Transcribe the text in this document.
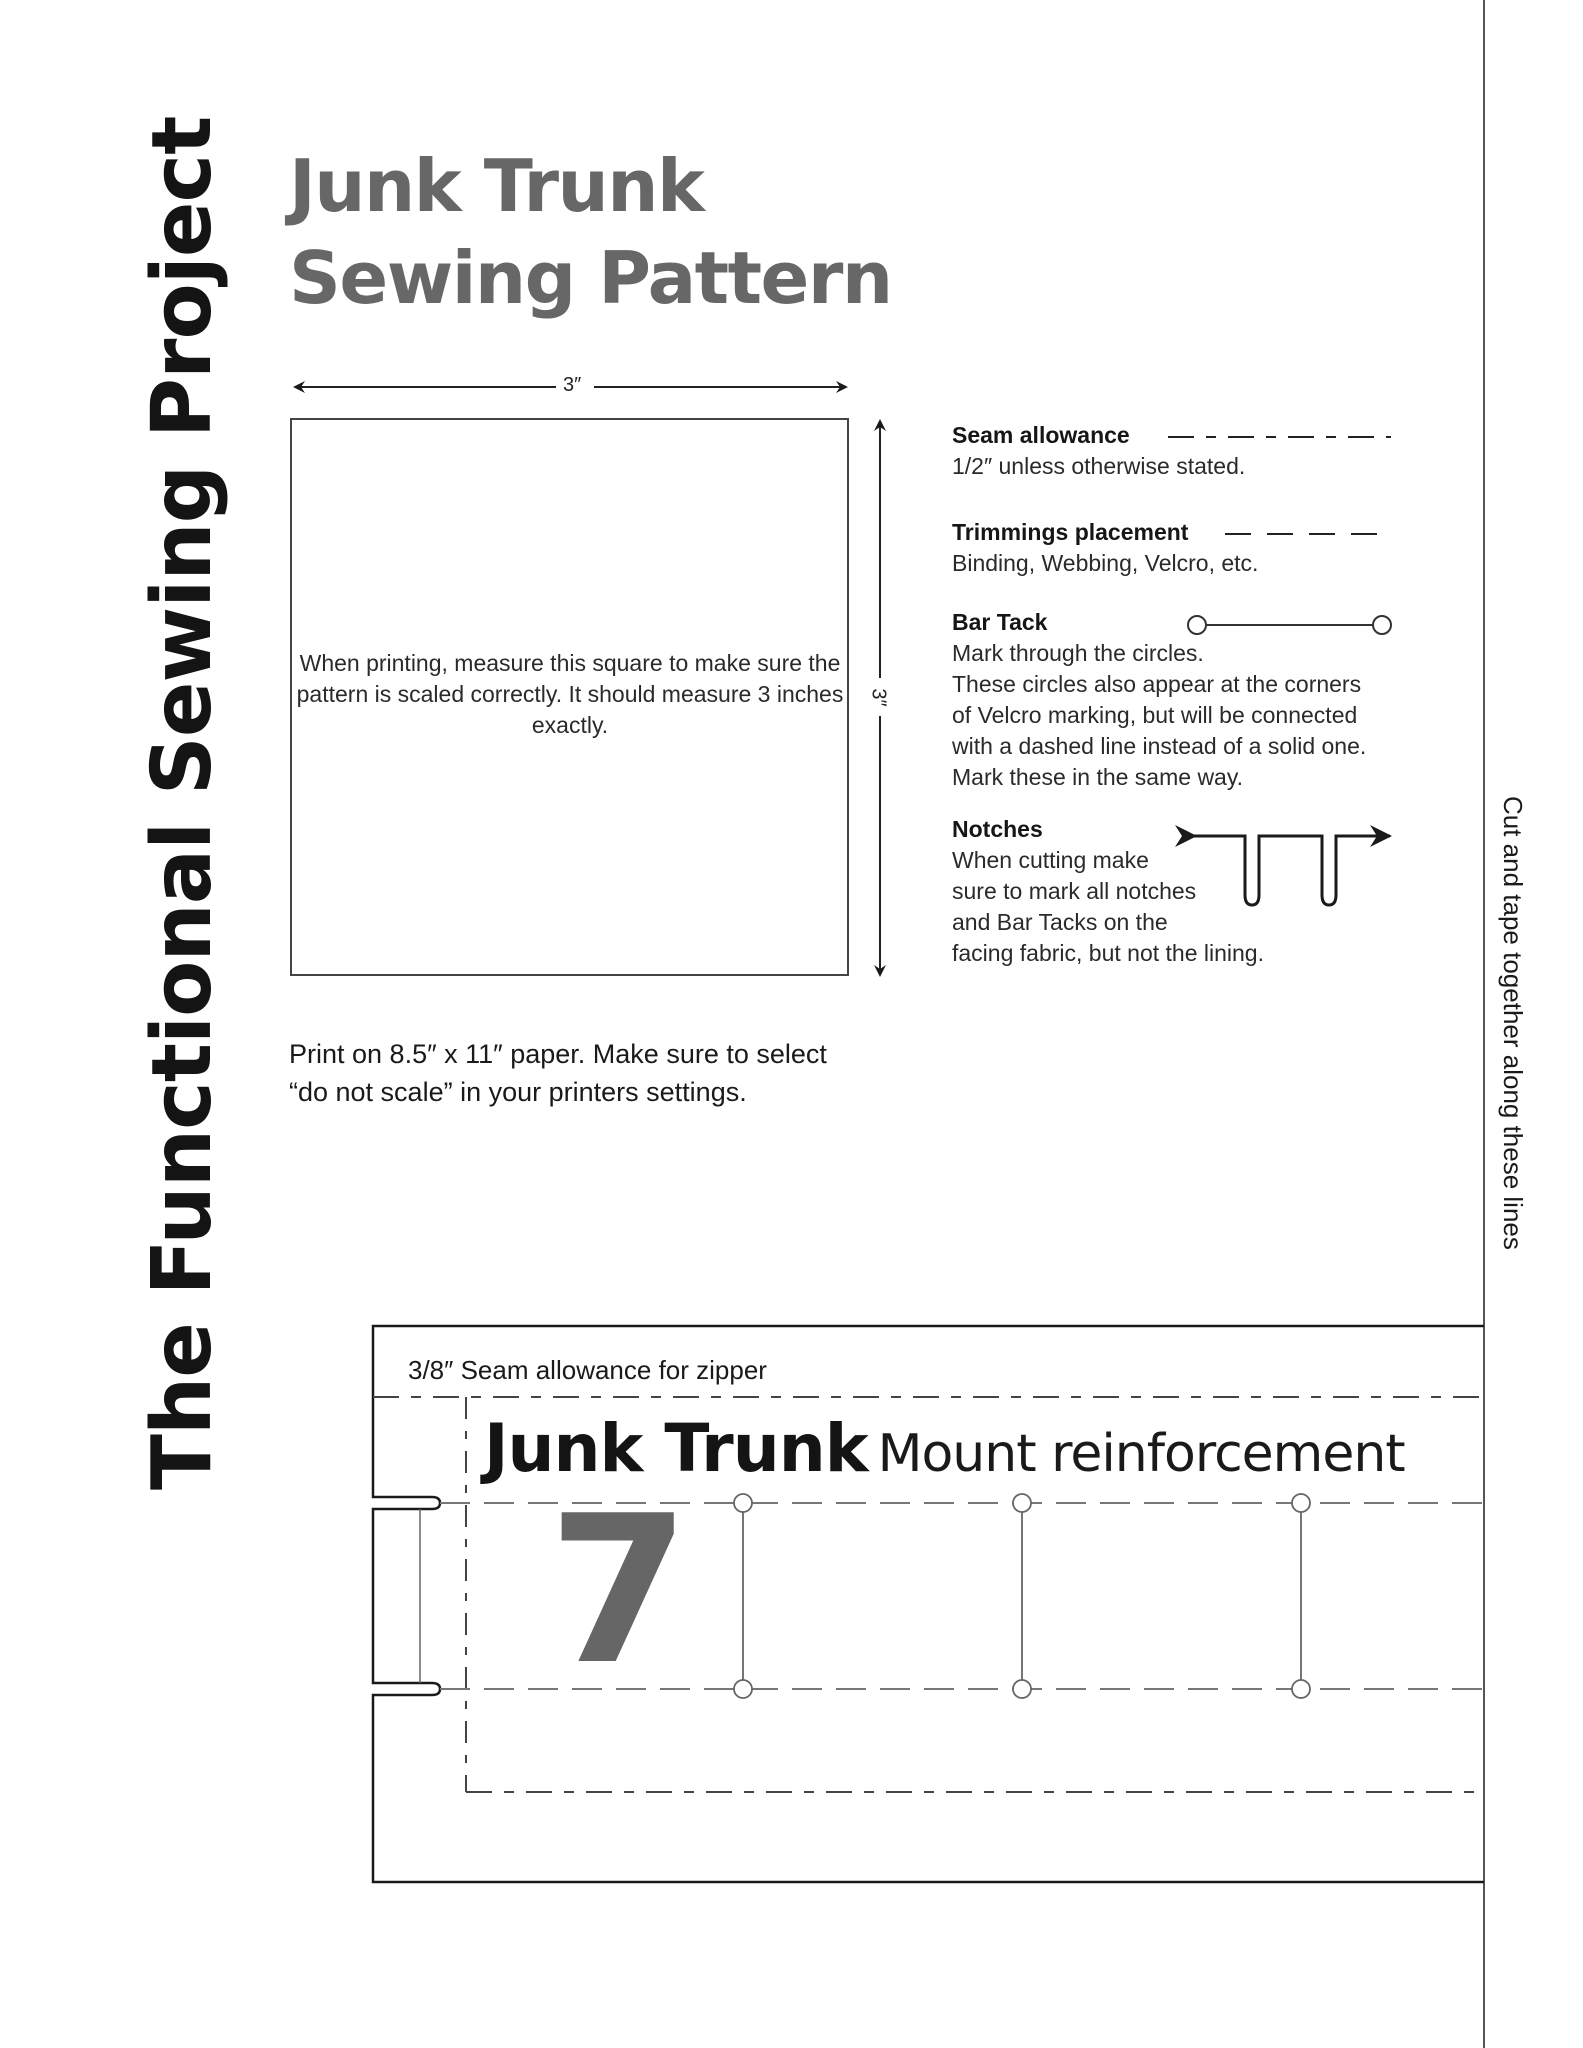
The Functional Sewing Project Junk Trunk
Sewing Pattern
3″
3″
When printing, measure this square to make sure the pattern is scaled correctly. It should measure 3 inches exactly.
Print on 8.5″ x 11″ paper. Make sure to select
“do not scale” in your printers settings.
Seam allowance
1/2″ unless otherwise stated.
Trimmings placement
Binding, Webbing, Velcro, etc.
Bar Tack
Mark through the circles.
These circles also appear at the corners
of Velcro marking, but will be connected
with a dashed line instead of a solid one.
Mark these in the same way.
Notches
When cutting make
sure to mark all notches
and Bar Tacks on the
facing fabric, but not the lining.	Cut and tape together along these lines
3/8″ Seam allowance for zipper
Junk Trunk Mount reinforcement
7
